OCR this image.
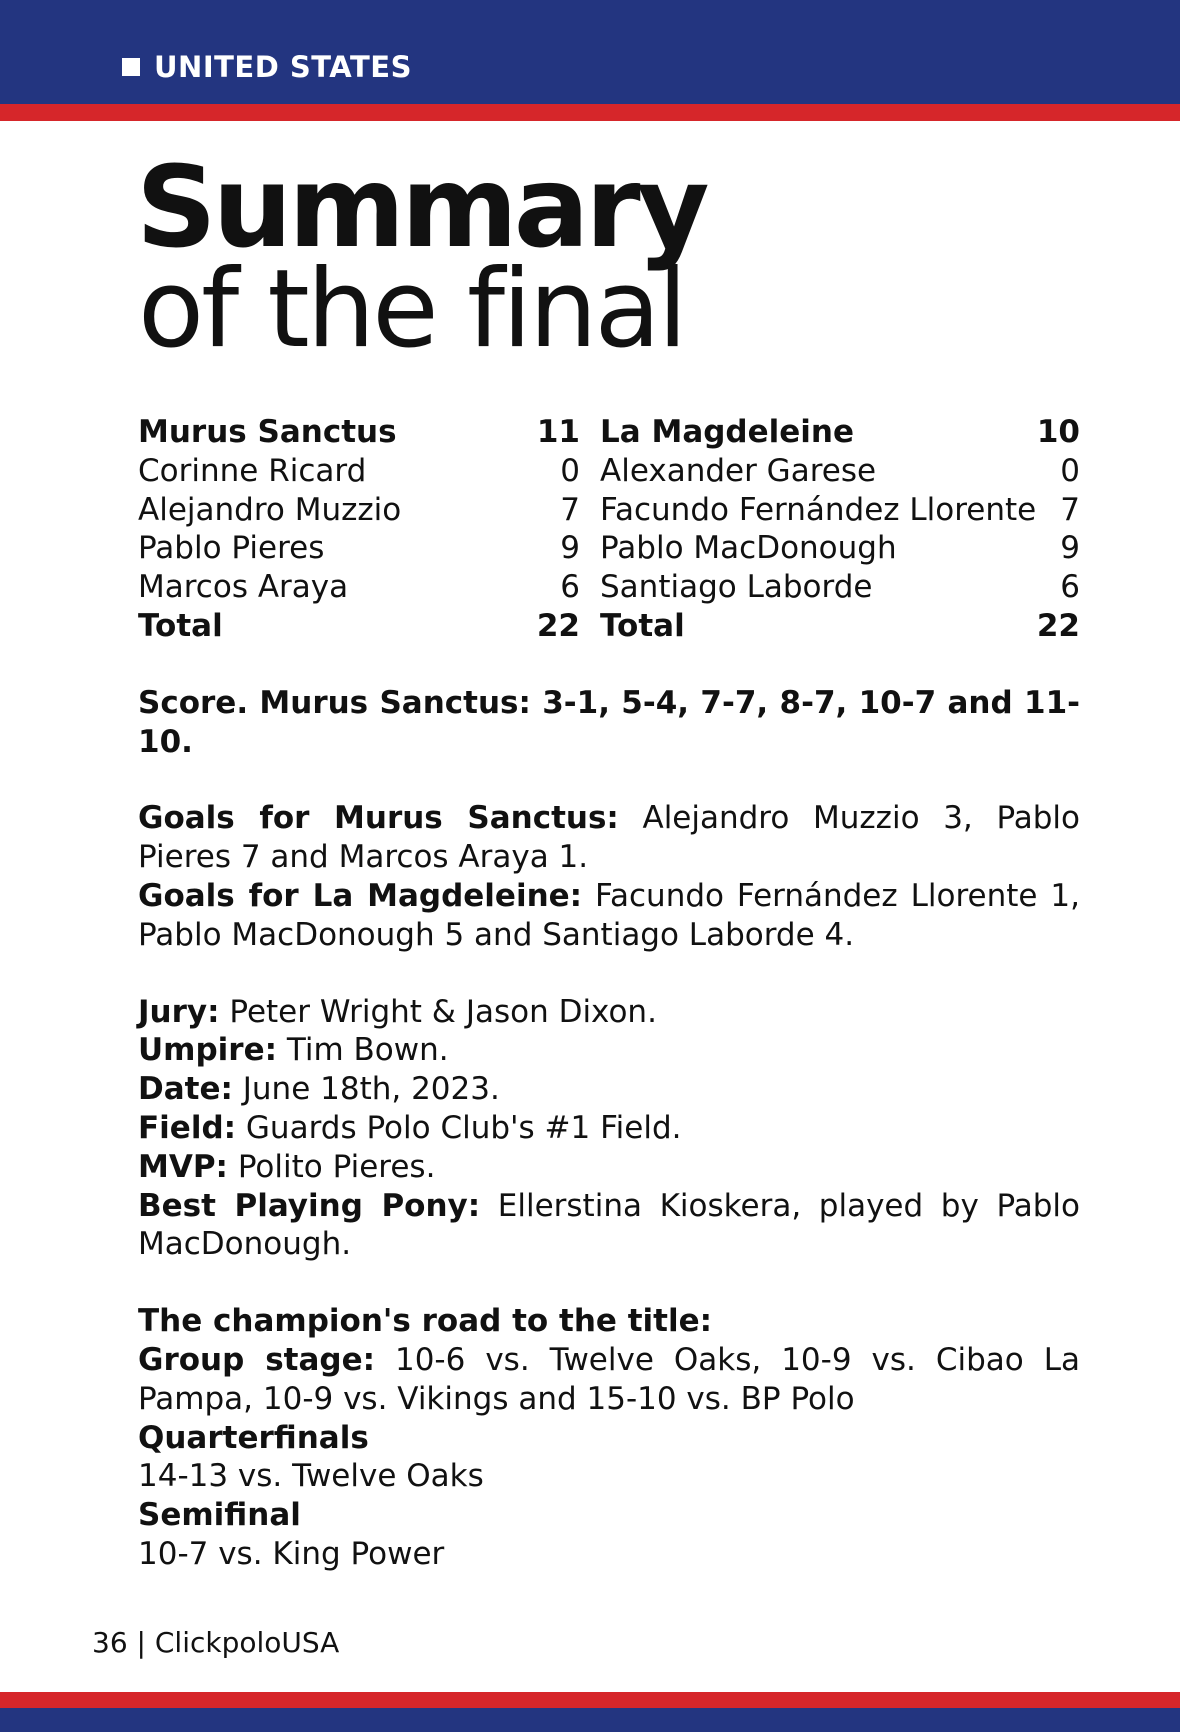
UNITED STATES
Summary
of the final
Murus Sanctus	11
Corinne Ricard	0
Alejandro Muzzio	7
Pablo Pieres	9
Marcos Araya	6
Total	22
La Magdeleine	10
Alexander Garese	0
Facundo Fernández Llorente 7
Pablo MacDonough	9
Santiago Laborde	6
Total	22

Score. Murus Sanctus: 3-1, 5-4, 7-7, 8-7, 10-7 and 11-10.

Goals for Murus Sanctus: Alejandro Muzzio 3, Pablo Pieres 7 and Marcos Araya 1.

Goals for La Magdeleine: Facundo Fernández Llorente 1, Pablo MacDonough 5 and Santiago Laborde 4.

Jury: Peter Wright & Jason Dixon.

Umpire: Tim Bown.

Date: June 18th, 2023.

Field: Guards Polo Club's #1 Field.

MVP: Polito Pieres.

Best Playing Pony: Ellerstina Kioskera, played by Pablo MacDonough.

The champion's road to the title:

Group stage: 10-6 vs. Twelve Oaks, 10-9 vs. Cibao La Pampa, 10-9 vs. Vikings and 15-10 vs. BP Polo

Quarterfinals

14-13 vs. Twelve Oaks

Semifinal

10-7 vs. King Power

36 | ClickpoloUSA
